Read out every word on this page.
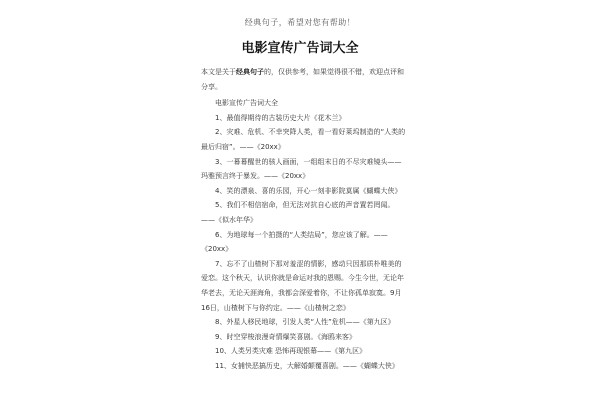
经典句子，希望对您有帮助！
电影宣传广告词大全

本文是关于经典句子的，仅供参考，如果觉得很不错，欢迎点评和分享。

电影宣传广告词大全

1、最值得期待的古装历史大片《花木兰》

2、灾难、危机、不幸突降人类，看一看好莱坞制造的“人类的最后归宿”。——《20xx》

3、一幕幕醒世的骇人画面，一组组末日的不尽灾难镜头——玛雅预言终于暴发。——《20xx》

4、笑的漂泉、喜的乐园，开心一刻非影院莫属《蝴蝶大侠》

5、我们不相信宿命，但无法对抗自心底的声音置若罔闻。——《似水年华》

6、为地球每一个拍摄的“人类结局”，您应该了解。——《20xx》

7、忘不了山楂树下那对羞涩的情影，感动只因那质朴唯美的爱恋。这个秋天，认识你就是命运对我的恩赐。今生今世，无论年华老去，无论天涯海角，我都会深爱着你，不让你孤单寂寞。9月16日，山楂树下与你约定。——《山楂树之恋》

8、外星人移民地球，引发人类“人性”危机——《第九区》

9、时空穿梭浪漫奇情爆笑喜剧。《海鸥来客》

10、人类另类灾难 恐怖再现银幕——《第九区》

11、女捕快恶搞历史，大解婚颠覆喜剧。——《蝴蝶大侠》
